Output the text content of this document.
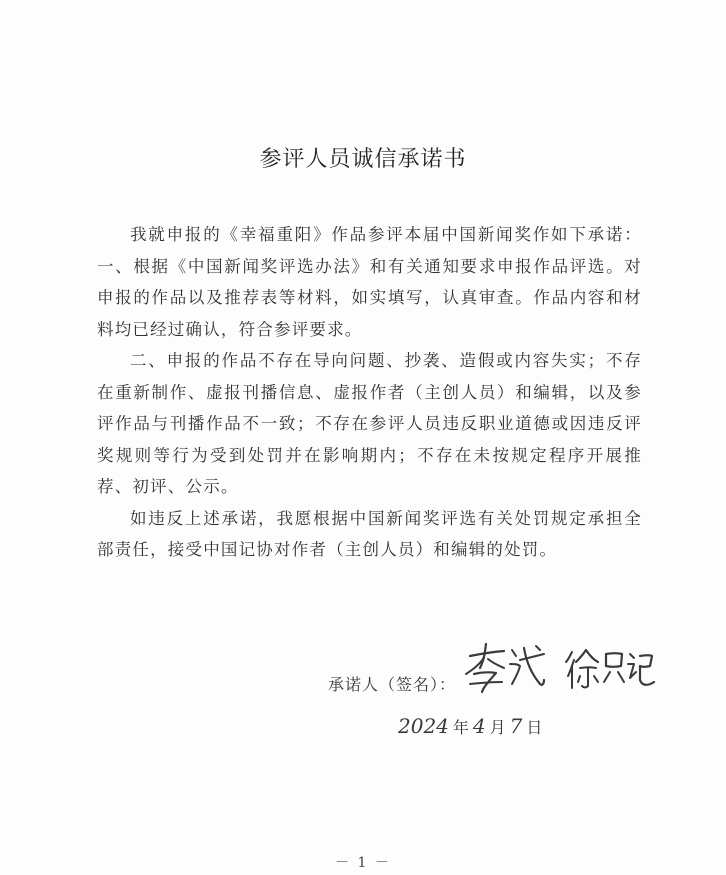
参评人员诚信承诺书

我就申报的《幸福重阳》作品参评本届中国新闻奖作如下承诺：一、根据《中国新闻奖评选办法》和有关通知要求申报作品评选。对申报的作品以及推荐表等材料，如实填写，认真审查。作品内容和材料均已经过确认，符合参评要求。

二、申报的作品不存在导向问题、抄袭、造假或内容失实；不存在重新制作、虚报刊播信息、虚报作者（主创人员）和编辑，以及参评作品与刊播作品不一致；不存在参评人员违反职业道德或因违反评奖规则等行为受到处罚并在影响期内；不存在未按规定程序开展推荐、初评、公示。

如违反上述承诺，我愿根据中国新闻奖评选有关处罚规定承担全部责任，接受中国记协对作者（主创人员）和编辑的处罚。

承诺人（签名）：
2024 年 4 月 7 日
－ 1 －
